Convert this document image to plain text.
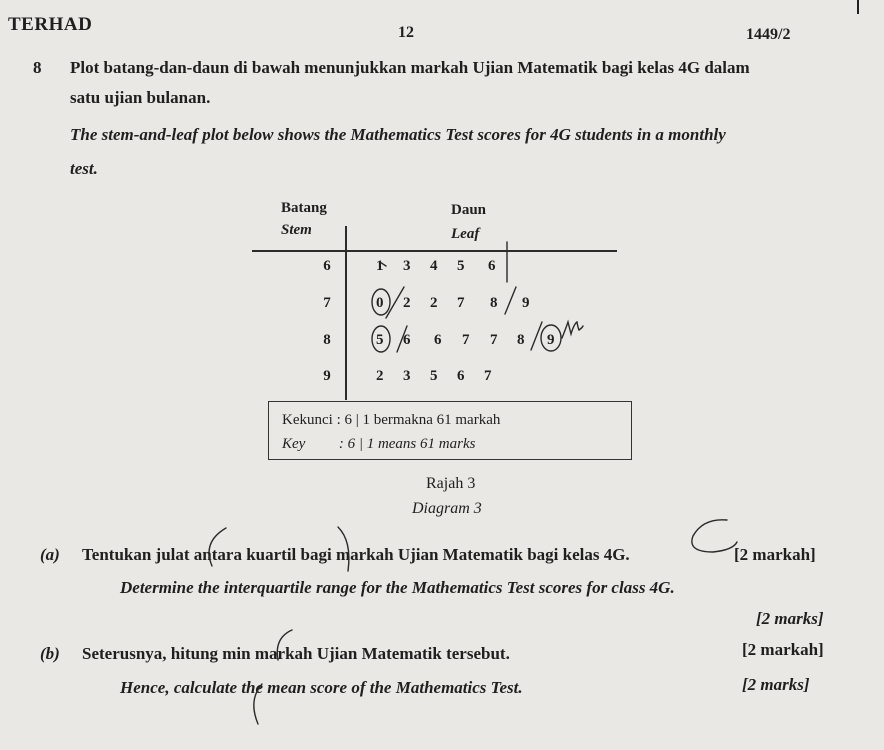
TERHAD	12	1449/2
8 Plot batang-dan-daun di bawah menunjukkan markah Ujian Matematik bagi kelas 4G dalam
satu ujian bulanan.
The stem-and-leaf plot below shows the Mathematics Test scores for 4G students in a monthly
test.
Batang
Stem
Daun
Leaf
6	1 3 4 5 6
7	0 2 2 7 8 9
8	5 6 6 7 7 8 9
9	2 3 5 6 7
Kekunci : 6 | 1 bermakna 61 markah
Key : 6 | 1 means 61 marks
Rajah 3
Diagram 3
(a) Tentukan julat antara kuartil bagi markah Ujian Matematik bagi kelas 4G.	[2 markah]
Determine the interquartile range for the Mathematics Test scores for class 4G.
[2 marks]
(b) Seterusnya, hitung min markah Ujian Matematik tersebut.	[2 markah]
Hence, calculate the mean score of the Mathematics Test.	[2 marks]
